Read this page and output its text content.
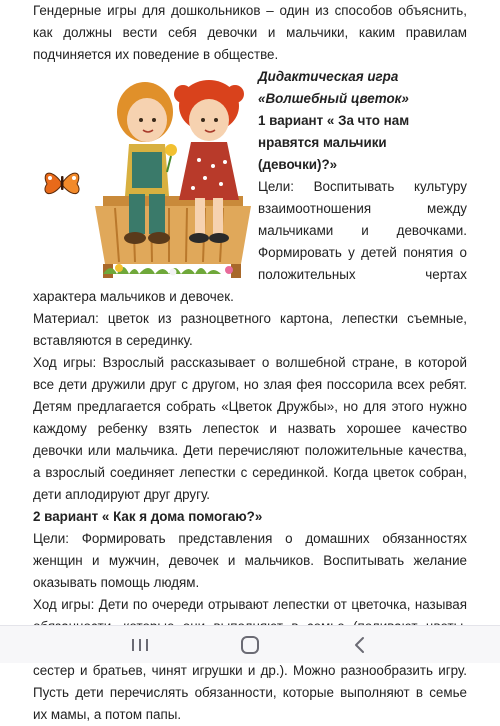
Гендерные игры для дошкольников – один из способов объяснить, как должны вести себя девочки и мальчики, каким правилам подчиняется их поведение в обществе.

Дидактическая игра «Волшебный цветок»

1 вариант « За что нам нравятся мальчики (девочки)?»

Цели: Воспитывать культуру взаимоотношения между мальчиками и девочками. Формировать у детей понятия о положительных чертах характера мальчиков и девочек.

Материал: цветок из разноцветного картона, лепестки съемные, вставляются в серединку.

Ход игры: Взрослый рассказывает о волшебной стране, в которой все дети дружили друг с другом, но злая фея поссорила всех ребят. Детям предлагается собрать «Цветок Дружбы», но для этого нужно каждому ребенку взять лепесток и назвать хорошее качество девочки или мальчика. Дети перечисляют положительные качества, а взрослый соединяет лепестки с серединкой. Когда цветок собран, дети аплодируют друг другу.

2 вариант « Как я дома помогаю?»

Цели: Формировать представления о домашних обязанностях женщин и мужчин, девочек и мальчиков. Воспитывать желание оказывать помощь людям.

Ход игры: Дети по очереди отрывают лепестки от цветочка, называя сестер и братьев, чинят игрушки и др.). Можно разнообразить игру. Пусть дети перечислять обязанности, которые выполняют в семье их мамы, а потом папы.
